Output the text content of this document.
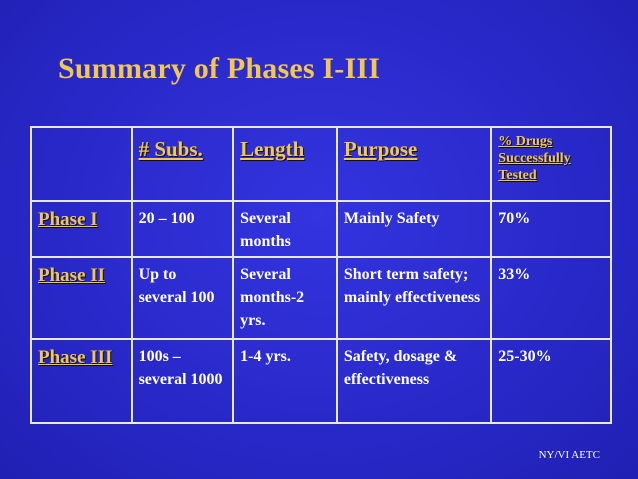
Summary of Phases I-III
	# Subs.	Length	Purpose	% Drugs Successfully Tested
Phase I	20 – 100	Several months	Mainly Safety	70%
Phase II	Up to several 100	Several months-2 yrs.	Short term safety; mainly effectiveness	33%
Phase III	100s – several 1000	1-4 yrs.	Safety, dosage & effectiveness	25-30%
NY/VI AETC
